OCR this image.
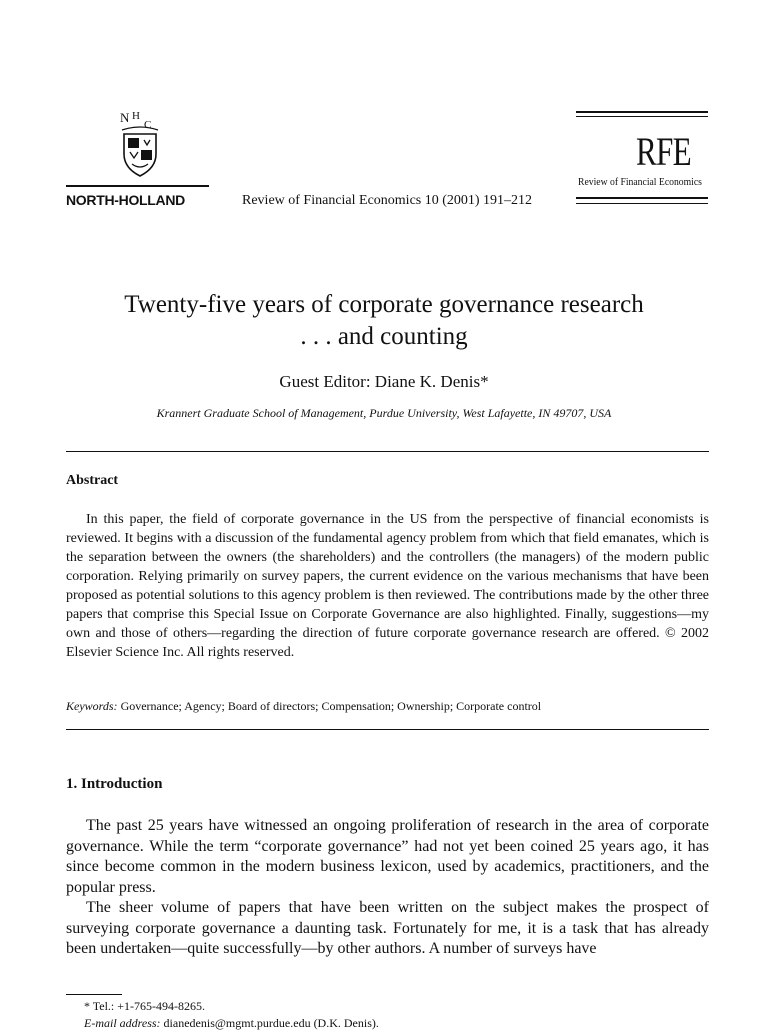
N H
C
NORTH-HOLLAND	Review of Financial Economics 10 (2001) 191–212
RFE
Review of Financial Economics
Twenty-five years of corporate governance research
. . . and counting
Guest Editor: Diane K. Denis*
Krannert Graduate School of Management, Purdue University, West Lafayette, IN 49707, USA
Abstract

In this paper, the field of corporate governance in the US from the perspective of financial economists is reviewed. It begins with a discussion of the fundamental agency problem from which that field emanates, which is the separation between the owners (the shareholders) and the controllers (the managers) of the modern public corporation. Relying primarily on survey papers, the current evidence on the various mechanisms that have been proposed as potential solutions to this agency problem is then reviewed. The contributions made by the other three papers that comprise this Special Issue on Corporate Governance are also highlighted. Finally, suggestions—my own and those of others—regarding the direction of future corporate governance research are offered. © 2002 Elsevier Science Inc. All rights reserved.

Keywords: Governance; Agency; Board of directors; Compensation; Ownership; Corporate control
1. Introduction

The past 25 years have witnessed an ongoing proliferation of research in the area of corporate governance. While the term “corporate governance” had not yet been coined 25 years ago, it has since become common in the modern business lexicon, used by academics, practitioners, and the popular press.

The sheer volume of papers that have been written on the subject makes the prospect of surveying corporate governance a daunting task. Fortunately for me, it is a task that has already been undertaken—quite successfully—by other authors. A number of surveys have

* Tel.: +1-765-494-8265.
E-mail address: dianedenis@mgmt.purdue.edu (D.K. Denis).
